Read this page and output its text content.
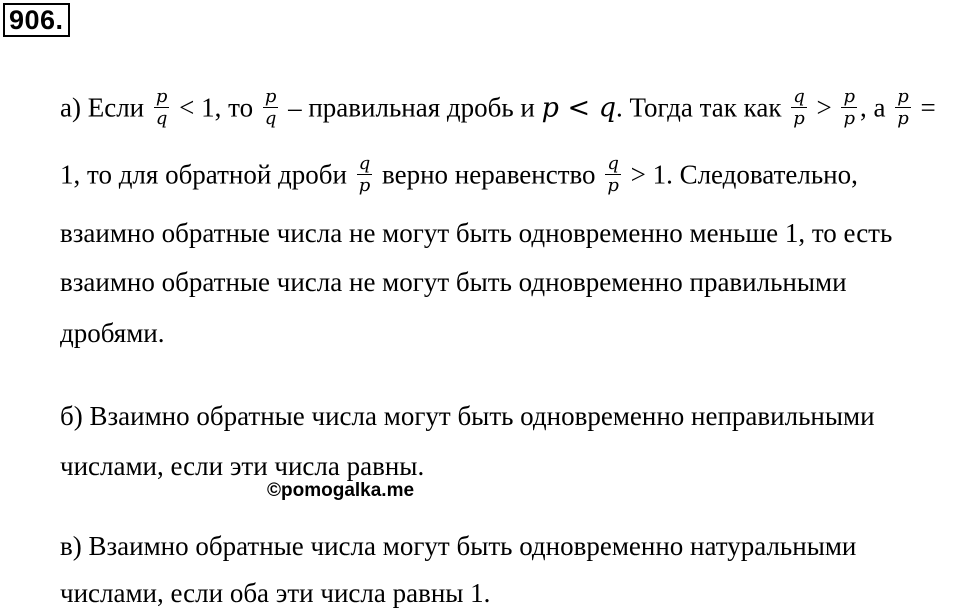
906.
а) Если $\frac{p}{q} < 1$, то $\frac{p}{q}$ – правильная дробь и p < q. Тогда так как $\frac{q}{p} > \frac{p}{p}$ , а $\frac{p}{p}$ =
1, то для обратной дроби $\frac{q}{p}$ верно неравенство $\frac{q}{p} > 1$. Следовательно,
взаимно обратные числа не могут быть одновременно меньше 1, то есть
взаимно обратные числа не могут быть одновременно правильными
дробями.
б) Взаимно обратные числа могут быть одновременно неправильными
числами, если эти числа равны.
©pomogalka.me
в) Взаимно обратные числа могут быть одновременно натуральными
числами, если оба эти числа равны 1.
